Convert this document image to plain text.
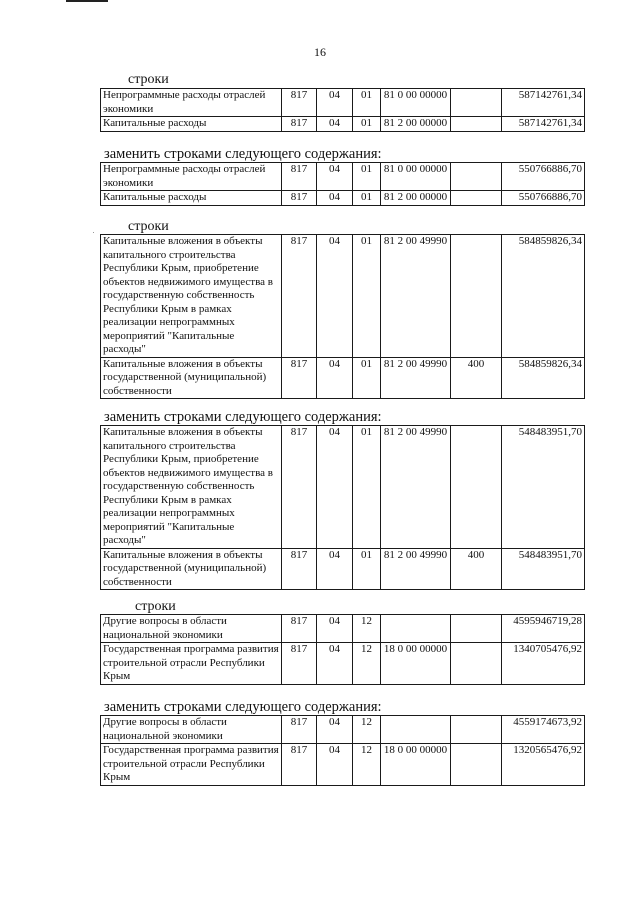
16
строки
Непрограммные расходы отраслей экономики	817	04	01	81 0 00 00000		587142761,34
Капитальные расходы	817	04	01	81 2 00 00000		587142761,34
заменить строками следующего содержания:
Непрограммные расходы отраслей экономики	817	04	01	81 0 00 00000		550766886,70
Капитальные расходы	817	04	01	81 2 00 00000		550766886,70
строки
Капитальные вложения в объекты капитального строительства Республики Крым, приобретение объектов недвижимого имущества в государственную собственность Республики Крым в рамках реализации непрограммных мероприятий "Капитальные расходы"	817	04	01	81 2 00 49990		584859826,34
Капитальные вложения в объекты государственной (муниципальной) собственности	817	04	01	81 2 00 49990	400	584859826,34
заменить строками следующего содержания:
Капитальные вложения в объекты капитального строительства Республики Крым, приобретение объектов недвижимого имущества в государственную собственность Республики Крым в рамках реализации непрограммных мероприятий "Капитальные расходы"	817	04	01	81 2 00 49990		548483951,70
Капитальные вложения в объекты государственной (муниципальной) собственности	817	04	01	81 2 00 49990	400	548483951,70
строки
Другие вопросы в области национальной экономики	817	04	12			4595946719,28
Государственная программа развития строительной отрасли Республики Крым	817	04	12	18 0 00 00000		1340705476,92
заменить строками следующего содержания:
Другие вопросы в области национальной экономики	817	04	12			4559174673,92
Государственная программа развития строительной отрасли Республики Крым	817	04	12	18 0 00 00000		1320565476,92
